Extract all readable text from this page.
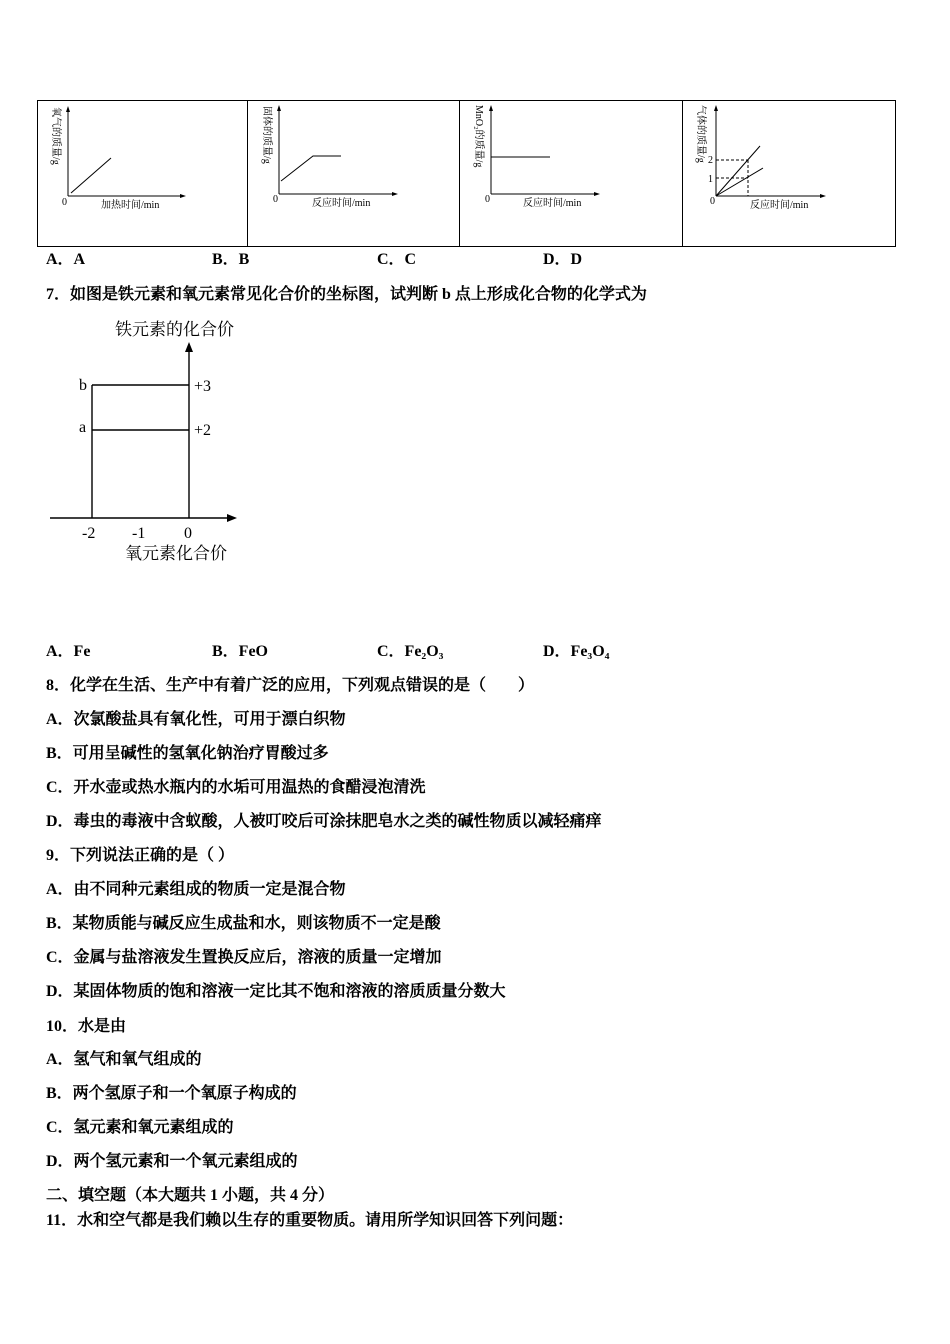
0	加热时间/min
氧气的质量/g
0	反应时间/min
固体的质量/g
0	反应时间/min
MnO₂的质量/g	2
1
0	反应时间/min
气体的质量/g
A．A	B．B	C．C	D．D
7．如图是铁元素和氧元素常见化合价的坐标图，试判断 b 点上形成化合物的化学式为
铁元素的化合价
b
a
+3
+2
-2 -1 0
氧元素化合价
A．Fe	B．FeO	C．Fe₂O₃	D．Fe₃O₄
8．化学在生活、生产中有着广泛的应用，下列观点错误的是（　　）
A．次氯酸盐具有氧化性，可用于漂白织物
B．可用呈碱性的氢氧化钠治疗胃酸过多
C．开水壶或热水瓶内的水垢可用温热的食醋浸泡清洗
D．毒虫的毒液中含蚁酸，人被叮咬后可涂抹肥皂水之类的碱性物质以减轻痛痒
9．下列说法正确的是（ ）
A．由不同种元素组成的物质一定是混合物
B．某物质能与碱反应生成盐和水，则该物质不一定是酸
C．金属与盐溶液发生置换反应后，溶液的质量一定增加
D．某固体物质的饱和溶液一定比其不饱和溶液的溶质质量分数大
10．水是由
A．氢气和氧气组成的
B．两个氢原子和一个氧原子构成的
C．氢元素和氧元素组成的
D．两个氢元素和一个氧元素组成的
二、填空题（本大题共 1 小题，共 4 分）
11．水和空气都是我们赖以生存的重要物质。请用所学知识回答下列问题：
